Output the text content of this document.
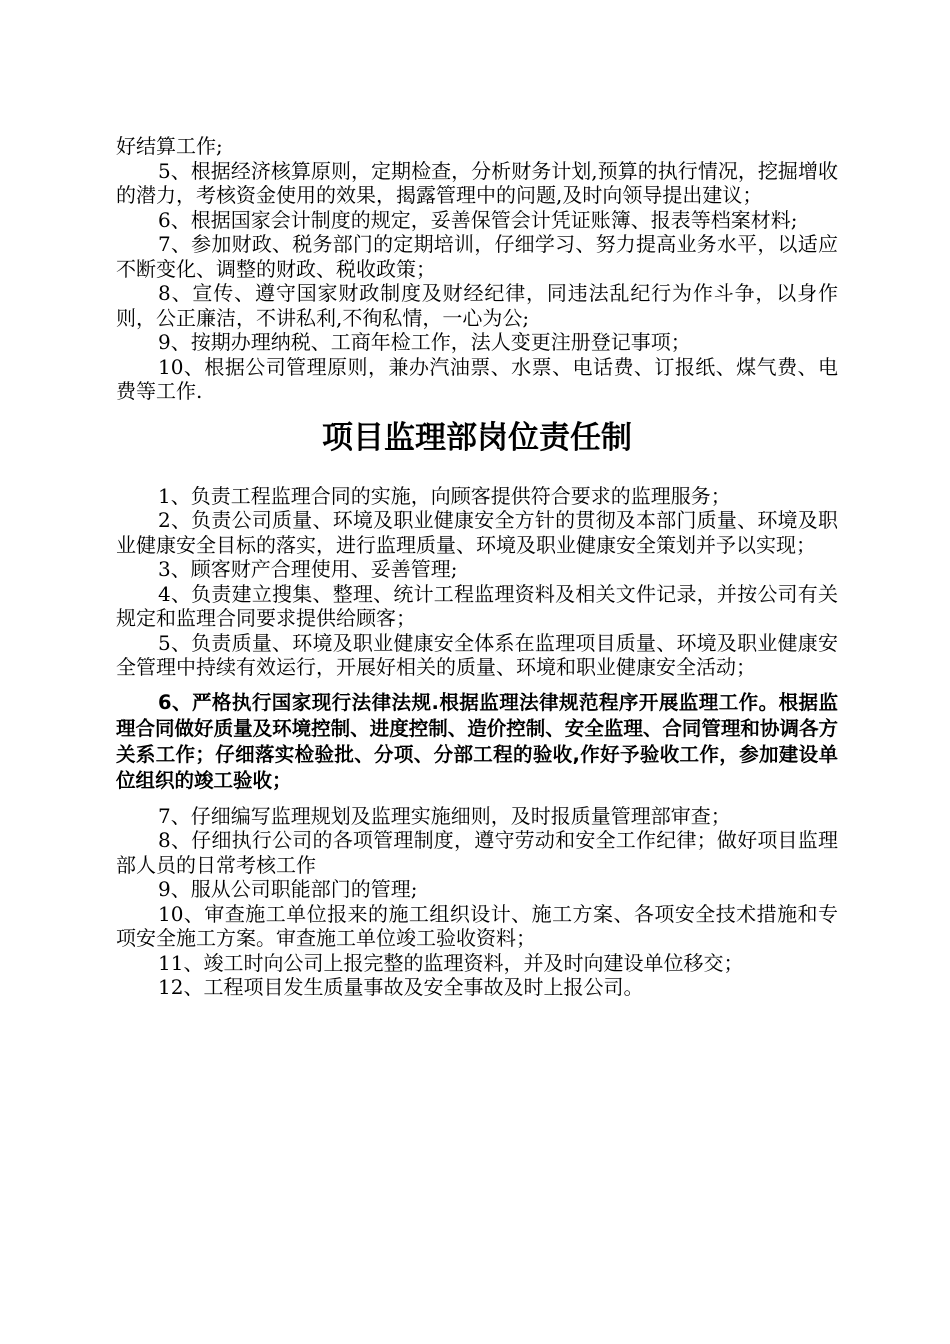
好结算工作;

5、根据经济核算原则，定期检查，分析财务计划,预算的执行情况，挖掘增收的潜力，考核资金使用的效果，揭露管理中的问题,及时向领导提出建议；

6、根据国家会计制度的规定，妥善保管会计凭证账簿、报表等档案材料;

7、参加财政、税务部门的定期培训，仔细学习、努力提高业务水平，以适应不断变化、调整的财政、税收政策；

8、宣传、遵守国家财政制度及财经纪律，同违法乱纪行为作斗争，以身作则，公正廉洁，不讲私利,不徇私情，一心为公;

9、按期办理纳税、工商年检工作，法人变更注册登记事项；

10、根据公司管理原则，兼办汽油票、水票、电话费、订报纸、煤气费、电费等工作.

项目监理部岗位责任制

1、负责工程监理合同的实施，向顾客提供符合要求的监理服务；

2、负责公司质量、环境及职业健康安全方针的贯彻及本部门质量、环境及职业健康安全目标的落实，进行监理质量、环境及职业健康安全策划并予以实现；

3、顾客财产合理使用、妥善管理;

4、负责建立搜集、整理、统计工程监理资料及相关文件记录，并按公司有关规定和监理合同要求提供给顾客；

5、负责质量、环境及职业健康安全体系在监理项目质量、环境及职业健康安全管理中持续有效运行，开展好相关的质量、环境和职业健康安全活动；

6、严格执行国家现行法律法规.根据监理法律规范程序开展监理工作。根据监理合同做好质量及环境控制、进度控制、造价控制、安全监理、合同管理和协调各方关系工作；仔细落实检验批、分项、分部工程的验收,作好予验收工作，参加建设单位组织的竣工验收；

7、仔细编写监理规划及监理实施细则，及时报质量管理部审查；

8、仔细执行公司的各项管理制度，遵守劳动和安全工作纪律；做好项目监理部人员的日常考核工作

9、服从公司职能部门的管理;

10、审查施工单位报来的施工组织设计、施工方案、各项安全技术措施和专项安全施工方案。审查施工单位竣工验收资料；

11、竣工时向公司上报完整的监理资料，并及时向建设单位移交；

12、工程项目发生质量事故及安全事故及时上报公司。
